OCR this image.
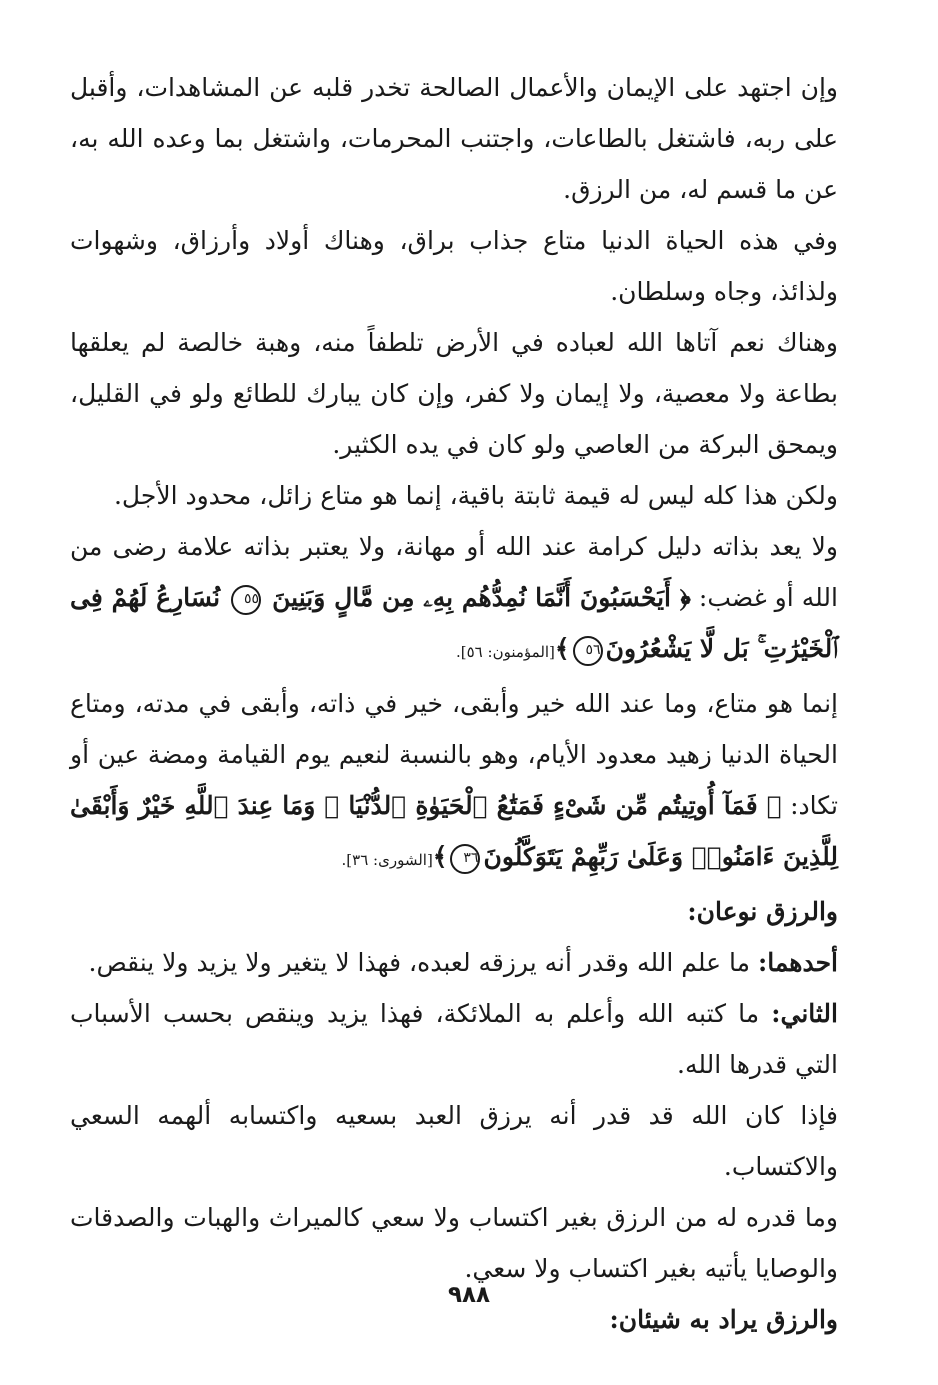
وإن اجتهد على الإيمان والأعمال الصالحة تخدر قلبه عن المشاهدات، وأقبل على ربه، فاشتغل بالطاعات، واجتنب المحرمات، واشتغل بما وعده الله به، عن ما قسم له، من الرزق.

وفي هذه الحياة الدنيا متاع جذاب براق، وهناك أولاد وأرزاق، وشهوات ولذائذ، وجاه وسلطان.

وهناك نعم آتاها الله لعباده في الأرض تلطفاً منه، وهبة خالصة لم يعلقها بطاعة ولا معصية، ولا إيمان ولا كفر، وإن كان يبارك للطائع ولو في القليل، ويمحق البركة من العاصي ولو كان في يده الكثير.

ولكن هذا كله ليس له قيمة ثابتة باقية، إنما هو متاع زائل، محدود الأجل.

ولا يعد بذاته دليل كرامة عند الله أو مهانة، ولا يعتبر بذاته علامة رضى من الله أو غضب: ﴿ أَيَحْسَبُونَ أَنَّمَا نُمِدُّهُم بِهِۦ مِن مَّالٍ وَبَنِينَ ٥٥ نُسَارِعُ لَهُمْ فِى ٱلْخَيْرَٰتِ ۚ بَل لَّا يَشْعُرُونَ٥٦﴾[المؤمنون: ٥٦].

إنما هو متاع، وما عند الله خير وأبقى، خير في ذاته، وأبقى في مدته، ومتاع الحياة الدنيا زهيد معدود الأيام، وهو بالنسبة لنعيم يوم القيامة ومضة عين أو تكاد: ﴿ فَمَآ أُوتِيتُم مِّن شَىْءٍ فَمَتَٰعُ ٱلْحَيَوٰةِ ٱلدُّنْيَا ۖ وَمَا عِندَ ٱللَّهِ خَيْرٌ وَأَبْقَىٰ لِلَّذِينَ ءَامَنُوا۟ وَعَلَىٰ رَبِّهِمْ يَتَوَكَّلُونَ٣٦﴾[الشورى: ٣٦].

والرزق نوعان:

أحدهما: ما علم الله وقدر أنه يرزقه لعبده، فهذا لا يتغير ولا يزيد ولا ينقص.

الثاني: ما كتبه الله وأعلم به الملائكة، فهذا يزيد وينقص بحسب الأسباب التي قدرها الله.

فإذا كان الله قد قدر أنه يرزق العبد بسعيه واكتسابه ألهمه السعي والاكتساب.

وما قدره له من الرزق بغير اكتساب ولا سعي كالميراث والهبات والصدقات والوصايا يأتيه بغير اكتساب ولا سعي.

والرزق يراد به شيئان:

٩٨٨
